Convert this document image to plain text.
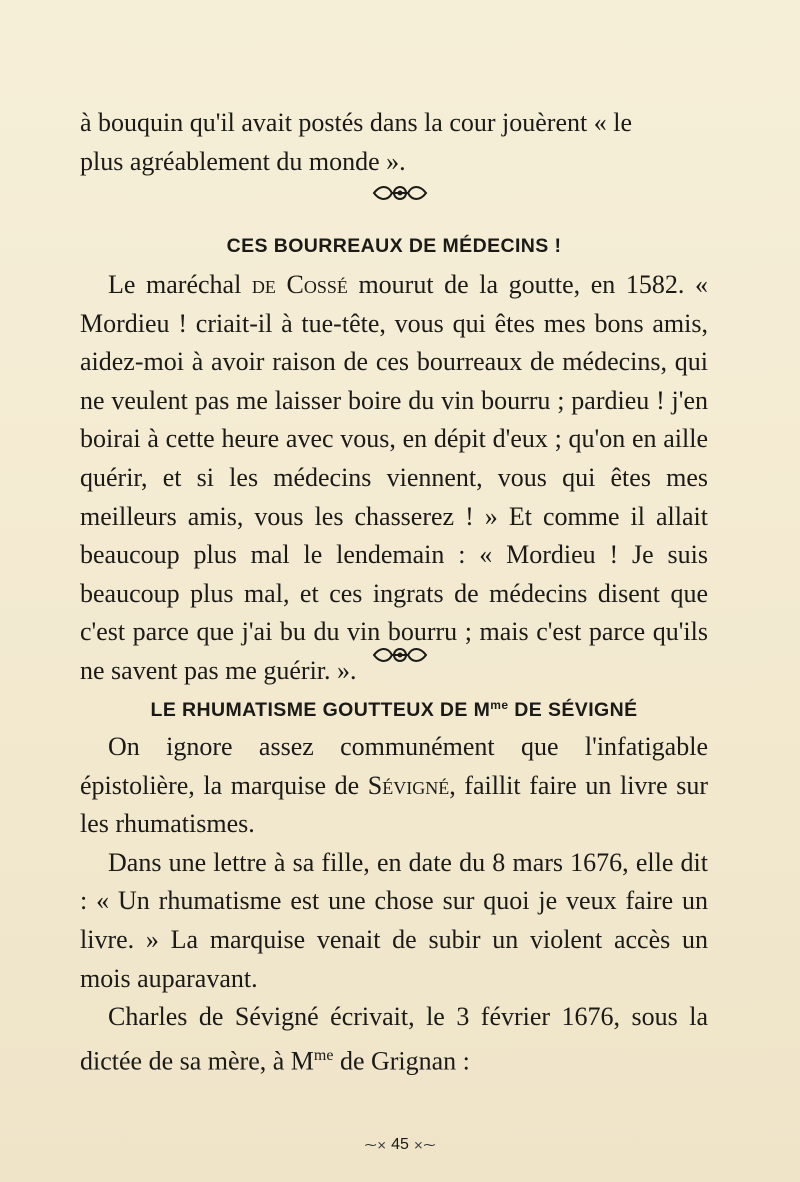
à bouquin qu'il avait postés dans la cour jouèrent « le

plus agréablement du monde ».

CES BOURREAUX DE MÉDECINS !

Le maréchal de Cossé mourut de la goutte, en 1582. « Mordieu ! criait-il à tue-tête, vous qui êtes mes bons amis, aidez-moi à avoir raison de ces bourreaux de médecins, qui ne veulent pas me laisser boire du vin bourru ; pardieu ! j'en boirai à cette heure avec vous, en dépit d'eux ; qu'on en aille quérir, et si les médecins viennent, vous qui êtes mes meilleurs amis, vous les chasserez ! » Et comme il allait beaucoup plus mal le lendemain : « Mordieu ! Je suis beaucoup plus mal, et ces ingrats de médecins disent que c'est parce que j'ai bu du vin bourru ; mais c'est parce qu'ils ne savent pas me guérir. ».

LE RHUMATISME GOUTTEUX DE $M^{me}$ DE SÉVIGNÉ

On ignore assez communément que l'infatigable épistolière, la marquise de Sévigné, faillit faire un livre sur les rhumatismes.

Dans une lettre à sa fille, en date du 8 mars 1676, elle dit : « Un rhumatisme est une chose sur quoi je veux faire un livre. » La marquise venait de subir un violent accès un mois auparavant.

Charles de Sévigné écrivait, le 3 février 1676, sous la dictée de sa mère, à $M^{me}$ de Grignan :

⁓⨯ 45 ⨯⁓
